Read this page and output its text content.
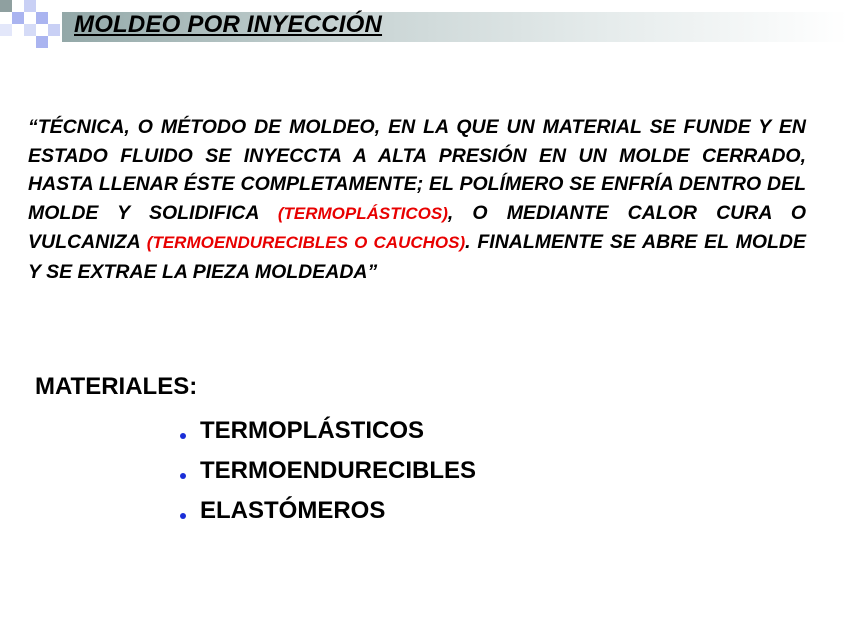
MOLDEO POR INYECCIÓN

“TÉCNICA, O MÉTODO DE MOLDEO, EN LA QUE UN MATERIAL SE FUNDE Y EN ESTADO FLUIDO SE INYECCTA A ALTA PRESIÓN EN UN MOLDE CERRADO, HASTA LLENAR ÉSTE COMPLETAMENTE; EL POLÍMERO SE ENFRÍA DENTRO DEL MOLDE Y SOLIDIFICA (TERMOPLÁSTICOS), O MEDIANTE CALOR CURA O VULCANIZA (TERMOENDURECIBLES O CAUCHOS). FINALMENTE SE ABRE EL MOLDE Y SE EXTRAE LA PIEZA MOLDEADA”

MATERIALES:
TERMOPLÁSTICOS
TERMOENDURECIBLES
ELASTÓMEROS
